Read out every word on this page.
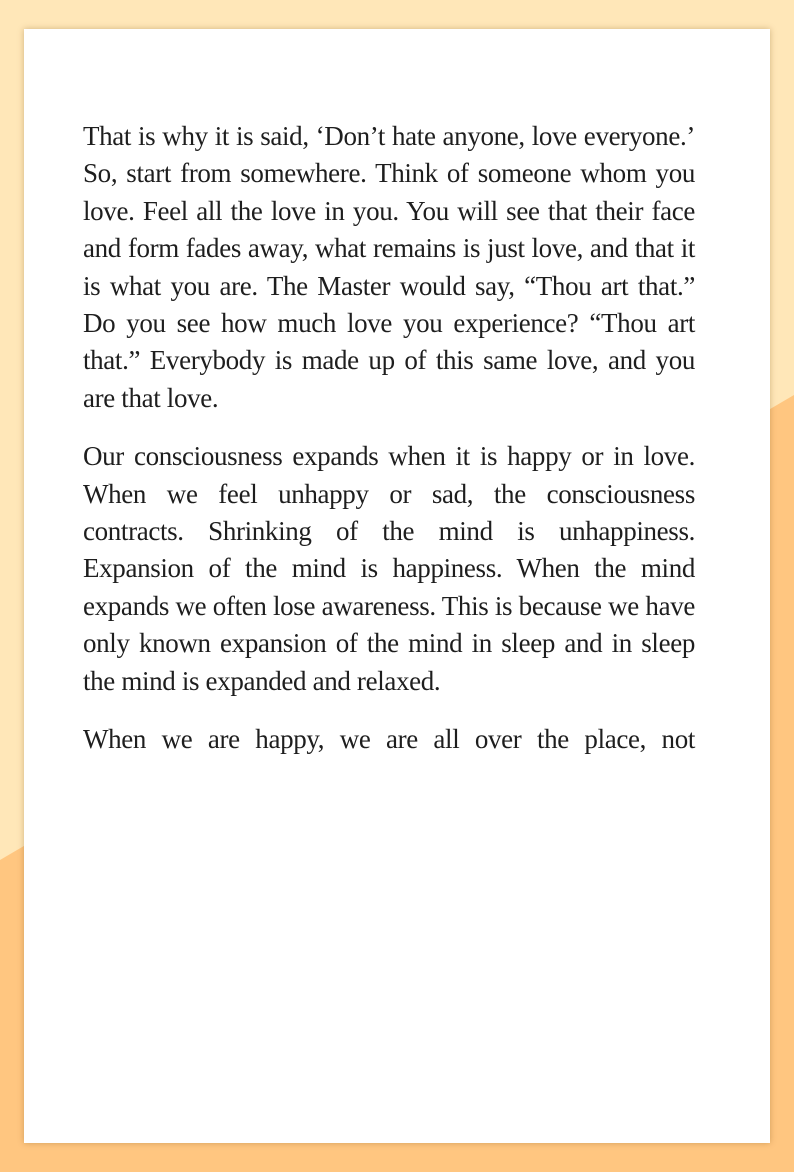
That is why it is said, ‘Don’t hate anyone, love everyone.’ So, start from somewhere. Think of someone whom you love. Feel all the love in you. You will see that their face and form fades away, what remains is just love, and that it is what you are. The Master would say, “Thou art that.” Do you see how much love you experience? “Thou art that.” Everybody is made up of this same love, and you are that love.

Our consciousness expands when it is happy or in love. When we feel unhappy or sad, the consciousness contracts. Shrinking of the mind is unhappiness. Expansion of the mind is happiness. When the mind expands we often lose awareness. This is because we have only known expansion of the mind in sleep and in sleep the mind is expanded and relaxed.

When we are happy, we are all over the place, not
